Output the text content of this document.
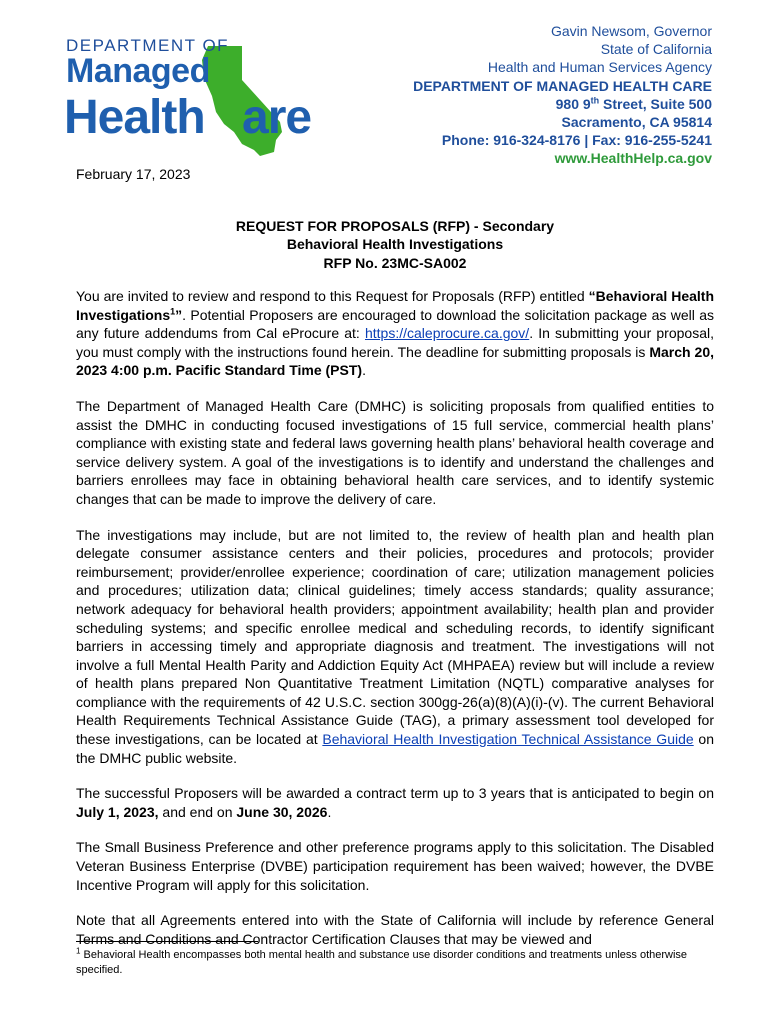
DEPARTMENT OF
Managed
Health are
Gavin Newsom, Governor
State of California
Health and Human Services Agency
DEPARTMENT OF MANAGED HEALTH CARE
980 9th Street, Suite 500
Sacramento, CA 95814
Phone: 916-324-8176 | Fax: 916-255-5241
www.HealthHelp.ca.gov
February 17, 2023
REQUEST FOR PROPOSALS (RFP) - Secondary
Behavioral Health Investigations
RFP No. 23MC-SA002

You are invited to review and respond to this Request for Proposals (RFP) entitled “Behavioral Health Investigations$^1$”. Potential Proposers are encouraged to download the solicitation package as well as any future addendums from Cal eProcure at: https://caleprocure.ca.gov/. In submitting your proposal, you must comply with the instructions found herein. The deadline for submitting proposals is March 20, 2023 4:00 p.m. Pacific Standard Time (PST).

The Department of Managed Health Care (DMHC) is soliciting proposals from qualified entities to assist the DMHC in conducting focused investigations of 15 full service, commercial health plans’ compliance with existing state and federal laws governing health plans’ behavioral health coverage and service delivery system. A goal of the investigations is to identify and understand the challenges and barriers enrollees may face in obtaining behavioral health care services, and to identify systemic changes that can be made to improve the delivery of care.

The investigations may include, but are not limited to, the review of health plan and health plan delegate consumer assistance centers and their policies, procedures and protocols; provider reimbursement; provider/enrollee experience; coordination of care; utilization management policies and procedures; utilization data; clinical guidelines; timely access standards; quality assurance; network adequacy for behavioral health providers; appointment availability; health plan and provider scheduling systems; and specific enrollee medical and scheduling records, to identify significant barriers in accessing timely and appropriate diagnosis and treatment. The investigations will not involve a full Mental Health Parity and Addiction Equity Act (MHPAEA) review but will include a review of health plans prepared Non Quantitative Treatment Limitation (NQTL) comparative analyses for compliance with the requirements of 42 U.S.C. section 300gg-26(a)(8)(A)(i)-(v). The current Behavioral Health Requirements Technical Assistance Guide (TAG), a primary assessment tool developed for these investigations, can be located at Behavioral Health Investigation Technical Assistance Guide on the DMHC public website.

The successful Proposers will be awarded a contract term up to 3 years that is anticipated to begin on July 1, 2023, and end on June 30, 2026.

The Small Business Preference and other preference programs apply to this solicitation. The Disabled Veteran Business Enterprise (DVBE) participation requirement has been waived; however, the DVBE Incentive Program will apply for this solicitation.

Note that all Agreements entered into with the State of California will include by reference General Terms and Conditions and Contractor Certification Clauses that may be viewed and

$^1$ Behavioral Health encompasses both mental health and substance use disorder conditions and treatments unless otherwise specified.
